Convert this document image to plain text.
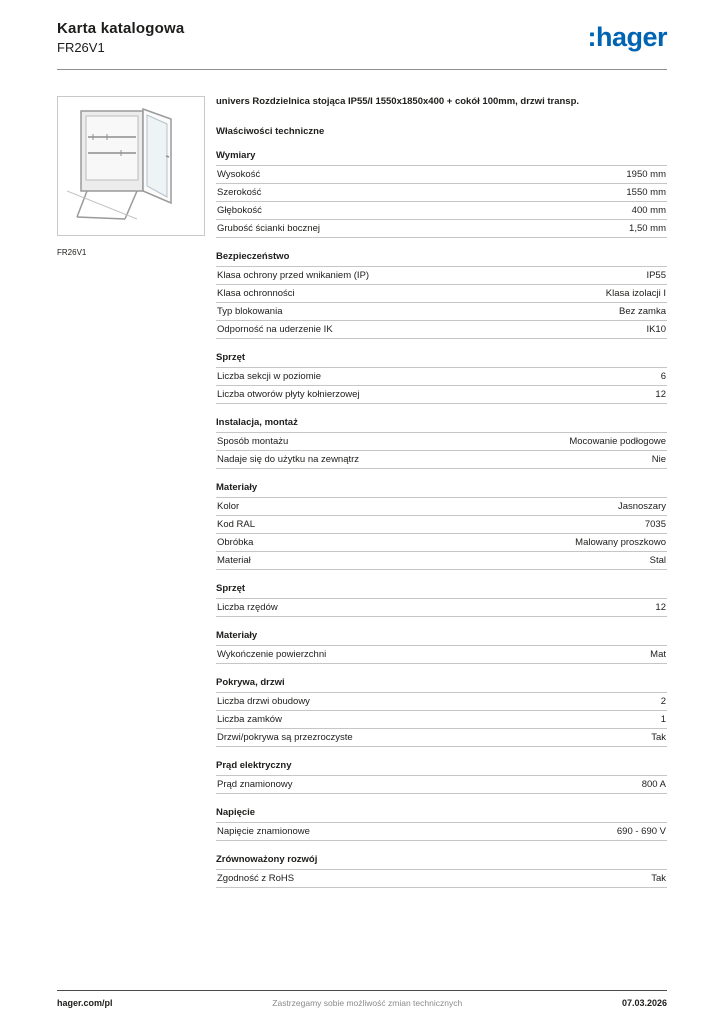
Karta katalogowa
FR26V1	:hager
FR26V1
univers Rozdzielnica stojąca IP55/I 1550x1850x400 + cokół 100mm, drzwi transp.
Właściwości techniczne
Wymiary
Wysokość	1950 mm
Szerokość	1550 mm
Głębokość	400 mm
Grubość ścianki bocznej	1,50 mm
Bezpieczeństwo
Klasa ochrony przed wnikaniem (IP)	IP55
Klasa ochronności	Klasa izolacji I
Typ blokowania	Bez zamka
Odporność na uderzenie IK	IK10
Sprzęt
Liczba sekcji w poziomie	6
Liczba otworów płyty kołnierzowej	12
Instalacja, montaż
Sposób montażu	Mocowanie podłogowe
Nadaje się do użytku na zewnątrz	Nie
Materiały
Kolor	Jasnoszary
Kod RAL	7035
Obróbka	Malowany proszkowo
Materiał	Stal
Sprzęt
Liczba rzędów	12
Materiały
Wykończenie powierzchni	Mat
Pokrywa, drzwi
Liczba drzwi obudowy	2
Liczba zamków	1
Drzwi/pokrywa są przezroczyste	Tak
Prąd elektryczny
Prąd znamionowy	800 A
Napięcie
Napięcie znamionowe	690 - 690 V
Zrównoważony rozwój
Zgodność z RoHS	Tak
hager.com/pl	Zastrzegamy sobie możliwość zmian technicznych	07.03.2026
